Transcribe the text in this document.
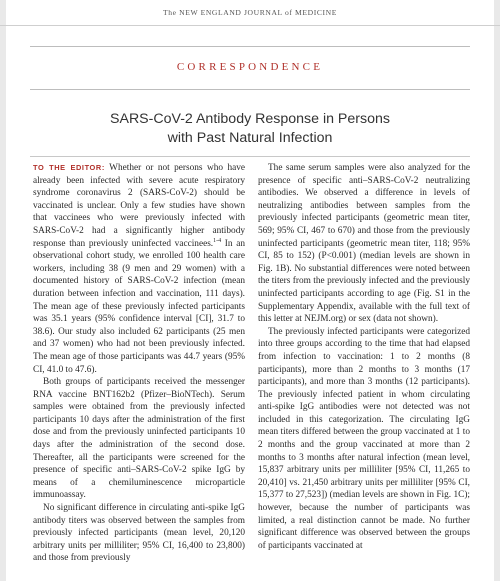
The NEW ENGLAND JOURNAL of MEDICINE
CORRESPONDENCE
SARS-CoV-2 Antibody Response in Persons
with Past Natural Infection

TO THE EDITOR: Whether or not persons who have already been infected with severe acute respiratory syndrome coronavirus 2 (SARS-CoV-2) should be vaccinated is unclear. Only a few studies have shown that vaccinees who were previously infected with SARS-CoV-2 had a significantly higher antibody response than previously uninfected vaccinees.$^{1-4}$ In an observational cohort study, we enrolled 100 health care workers, including 38 (9 men and 29 women) with a documented history of SARS-CoV-2 infection (mean duration between infection and vaccination, 111 days). The mean age of these previously infected participants was 35.1 years (95% confidence interval [CI], 31.7 to 38.6). Our study also included 62 participants (25 men and 37 women) who had not been previously infected. The mean age of those participants was 44.7 years (95% CI, 41.0 to 47.6).

Both groups of participants received the messenger RNA vaccine BNT162b2 (Pfizer–BioNTech). Serum samples were obtained from the previously infected participants 10 days after the administration of the first dose and from the previously uninfected participants 10 days after the administration of the second dose. Thereafter, all the participants were screened for the presence of specific anti–SARS-CoV-2 spike IgG by means of a chemiluminescence microparticle immunoassay.

No significant difference in circulating anti-spike IgG antibody titers was observed between the samples from previously infected participants (mean level, 20,120 arbitrary units per milliliter; 95% CI, 16,400 to 23,800) and those from previously

The same serum samples were also analyzed for the presence of specific anti–SARS-CoV-2 neutralizing antibodies. We observed a difference in levels of neutralizing antibodies between samples from the previously infected participants (geometric mean titer, 569; 95% CI, 467 to 670) and those from the previously uninfected participants (geometric mean titer, 118; 95% CI, 85 to 152) (P<0.001) (median levels are shown in Fig. 1B). No substantial differences were noted between the titers from the previously infected and the previously uninfected participants according to age (Fig. S1 in the Supplementary Appendix, available with the full text of this letter at NEJM.org) or sex (data not shown).

The previously infected participants were categorized into three groups according to the time that had elapsed from infection to vaccination: 1 to 2 months (8 participants), more than 2 months to 3 months (17 participants), and more than 3 months (12 participants). The previously infected patient in whom circulating anti-spike IgG antibodies were not detected was not included in this categorization. The circulating IgG mean titers differed between the group vaccinated at 1 to 2 months and the group vaccinated at more than 2 months to 3 months after natural infection (mean level, 15,837 arbitrary units per milliliter [95% CI, 11,265 to 20,410] vs. 21,450 arbitrary units per milliliter [95% CI, 15,377 to 27,523]) (median levels are shown in Fig. 1C); however, because the number of participants was limited, a real distinction cannot be made. No further significant difference was observed between the groups of participants vaccinated at
